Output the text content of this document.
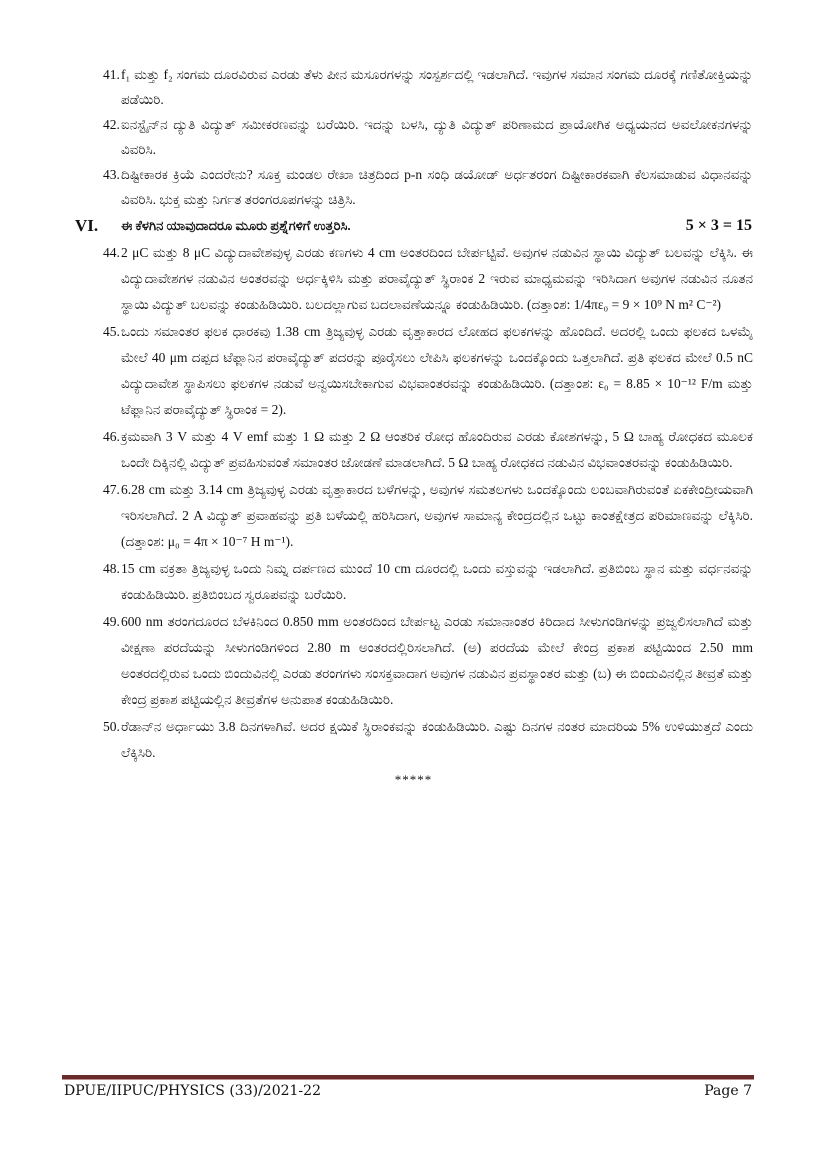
41. f₁ ಮತ್ತು f₂ ಸಂಗಮ ದೂರವಿರುವ ಎರಡು ತೆಳು ಪೀನ ಮಸೂರಗಳನ್ನು ಸಂಸ್ಪರ್ಶದಲ್ಲಿ ಇಡಲಾಗಿದೆ. ಇವುಗಳ ಸಮಾನ ಸಂಗಮ ದೂರಕ್ಕೆ ಗಣಿತೋಕ್ತಿಯನ್ನು ಪಡೆಯಿರಿ.
42. ಐನಸ್ಟೈನ್‌ನ ದ್ಯುತಿ ವಿದ್ಯುತ್ ಸಮೀಕರಣವನ್ನು ಬರೆಯಿರಿ. ಇದನ್ನು ಬಳಸಿ, ದ್ಯುತಿ ವಿದ್ಯುತ್ ಪರಿಣಾಮದ ಪ್ರಾಯೋಗಿಕ ಅಧ್ಯಯನದ ಅವಲೋಕನಗಳನ್ನು ವಿವರಿಸಿ.
43. ದಿಷ್ಟೀಕಾರಕ ಕ್ರಿಯೆ ಎಂದರೇನು? ಸೂಕ್ತ ಮಂಡಲ ರೇಖಾ ಚಿತ್ರದಿಂದ p-n ಸಂಧಿ ಡಯೋಡ್ ಅರ್ಧತರಂಗ ದಿಷ್ಟೀಕಾರಕವಾಗಿ ಕೆಲಸಮಾಡುವ ವಿಧಾನವನ್ನು ವಿವರಿಸಿ. ಭುಕ್ತ ಮತ್ತು ನಿರ್ಗತ ತರಂಗರೂಪಗಳನ್ನು ಚಿತ್ರಿಸಿ.
VI. ಈ ಕೆಳಗಿನ ಯಾವುದಾದರೂ ಮೂರು ಪ್ರಶ್ನೆಗಳಿಗೆ ಉತ್ತರಿಸಿ.	5 × 3 = 15
44. 2 μC ಮತ್ತು 8 μC ವಿದ್ಯುದಾವೇಶವುಳ್ಳ ಎರಡು ಕಣಗಳು 4 cm ಅಂತರದಿಂದ ಬೇರ್ಪಟ್ಟಿವೆ. ಅವುಗಳ ನಡುವಿನ ಸ್ಥಾಯಿ ವಿದ್ಯುತ್ ಬಲವನ್ನು ಲೆಕ್ಕಿಸಿ. ಈ ವಿದ್ಯುದಾವೇಶಗಳ ನಡುವಿನ ಅಂತರವನ್ನು ಅರ್ಧಕ್ಕಿಳಿಸಿ ಮತ್ತು ಪರಾವೈದ್ಯುತ್ ಸ್ಥಿರಾಂಕ 2 ಇರುವ ಮಾಧ್ಯಮವನ್ನು ಇರಿಸಿದಾಗ ಅವುಗಳ ನಡುವಿನ ನೂತನ ಸ್ಥಾಯಿ ವಿದ್ಯುತ್ ಬಲವನ್ನು ಕಂಡುಹಿಡಿಯಿರಿ. ಬಲದಲ್ಲಾಗುವ ಬದಲಾವಣೆಯನ್ನೂ ಕಂಡುಹಿಡಿಯಿರಿ. (ದತ್ತಾಂಶ: 1/4πε₀ = 9 × 10⁹ N m² C⁻²)
45. ಒಂದು ಸಮಾಂತರ ಫಲಕ ಧಾರಕವು 1.38 cm ತ್ರಿಜ್ಯವುಳ್ಳ ಎರಡು ವೃತ್ತಾಕಾರದ ಲೋಹದ ಫಲಕಗಳನ್ನು ಹೊಂದಿದೆ. ಅದರಲ್ಲಿ ಒಂದು ಫಲಕದ ಒಳಮೈ ಮೇಲೆ 40 μm ದಪ್ಪದ ಟೆಫ್ಲಾನಿನ ಪರಾವೈದ್ಯುತ್ ಪದರನ್ನು ಪೂರೈಸಲು ಲೇಪಿಸಿ ಫಲಕಗಳನ್ನು ಒಂದಕ್ಕೊಂದು ಒತ್ತಲಾಗಿದೆ. ಪ್ರತಿ ಫಲಕದ ಮೇಲೆ 0.5 nC ವಿದ್ಯುದಾವೇಶ ಸ್ಥಾಪಿಸಲು ಫಲಕಗಳ ನಡುವೆ ಅನ್ವಯಿಸಬೇಕಾಗುವ ವಿಭವಾಂತರವನ್ನು ಕಂಡುಹಿಡಿಯಿರಿ. (ದತ್ತಾಂಶ: ε₀ = 8.85 × 10⁻¹² F/m ಮತ್ತು ಟೆಫ್ಲಾನಿನ ಪರಾವೈದ್ಯುತ್ ಸ್ಥಿರಾಂಕ = 2).
46. ಕ್ರಮವಾಗಿ 3 V ಮತ್ತು 4 V emf ಮತ್ತು 1 Ω ಮತ್ತು 2 Ω ಆಂತರಿಕ ರೋಧ ಹೊಂದಿರುವ ಎರಡು ಕೋಶಗಳನ್ನು, 5 Ω ಬಾಹ್ಯ ರೋಧಕದ ಮೂಲಕ ಒಂದೇ ದಿಕ್ಕಿನಲ್ಲಿ ವಿದ್ಯುತ್ ಪ್ರವಹಿಸುವಂತೆ ಸಮಾಂತರ ಜೋಡಣೆ ಮಾಡಲಾಗಿದೆ. 5 Ω ಬಾಹ್ಯ ರೋಧಕದ ನಡುವಿನ ವಿಭವಾಂತರವನ್ನು ಕಂಡುಹಿಡಿಯಿರಿ.
47. 6.28 cm ಮತ್ತು 3.14 cm ತ್ರಿಜ್ಯವುಳ್ಳ ಎರಡು ವೃತ್ತಾಕಾರದ ಬಳೆಗಳನ್ನು, ಅವುಗಳ ಸಮತಲಗಳು ಒಂದಕ್ಕೊಂದು ಲಂಬವಾಗಿರುವಂತೆ ಏಕಕೇಂದ್ರೀಯವಾಗಿ ಇರಿಸಲಾಗಿದೆ. 2 A ವಿದ್ಯುತ್ ಪ್ರವಾಹವನ್ನು ಪ್ರತಿ ಬಳೆಯಲ್ಲಿ ಹರಿಸಿದಾಗ, ಅವುಗಳ ಸಾಮಾನ್ಯ ಕೇಂದ್ರದಲ್ಲಿನ ಒಟ್ಟು ಕಾಂತಕ್ಷೇತ್ರದ ಪರಿಮಾಣವನ್ನು ಲೆಕ್ಕಿಸಿರಿ. (ದತ್ತಾಂಶ: μ₀ = 4π × 10⁻⁷ H m⁻¹).
48. 15 cm ವಕ್ರತಾ ತ್ರಿಜ್ಯವುಳ್ಳ ಒಂದು ನಿಮ್ನ ದರ್ಪಣದ ಮುಂದೆ 10 cm ದೂರದಲ್ಲಿ ಒಂದು ವಸ್ತುವನ್ನು ಇಡಲಾಗಿದೆ. ಪ್ರತಿಬಿಂಬ ಸ್ಥಾನ ಮತ್ತು ವರ್ಧನವನ್ನು ಕಂಡುಹಿಡಿಯಿರಿ. ಪ್ರತಿಬಿಂಬದ ಸ್ವರೂಪವನ್ನು ಬರೆಯಿರಿ.
49. 600 nm ತರಂಗದೂರದ ಬೆಳಕಿನಿಂದ 0.850 mm ಅಂತರದಿಂದ ಬೇರ್ಪಟ್ಟ ಎರಡು ಸಮಾನಾಂತರ ಕಿರಿದಾದ ಸೀಳುಗಂಡಿಗಳನ್ನು ಪ್ರಜ್ವಲಿಸಲಾಗಿದೆ ಮತ್ತು ವೀಕ್ಷಣಾ ಪರದೆಯನ್ನು ಸೀಳುಗಂಡಿಗಳಿಂದ 2.80 m ಅಂತರದಲ್ಲಿರಿಸಲಾಗಿದೆ. (ಅ) ಪರದೆಯ ಮೇಲೆ ಕೇಂದ್ರ ಪ್ರಕಾಶ ಪಟ್ಟಿಯಿಂದ 2.50 mm ಅಂತರದಲ್ಲಿರುವ ಒಂದು ಬಿಂದುವಿನಲ್ಲಿ ಎರಡು ತರಂಗಗಳು ಸಂಸಕ್ತವಾದಾಗ ಅವುಗಳ ನಡುವಿನ ಪ್ರವಸ್ಥಾಂತರ ಮತ್ತು (ಬ) ಈ ಬಿಂದುವಿನಲ್ಲಿನ ತೀವ್ರತೆ ಮತ್ತು ಕೇಂದ್ರ ಪ್ರಕಾಶ ಪಟ್ಟಿಯಲ್ಲಿನ ತೀವ್ರತೆಗಳ ಅನುಪಾತ ಕಂಡುಹಿಡಿಯಿರಿ.
50. ರೆಡಾನ್‌ನ ಅರ್ಧಾಯು 3.8 ದಿನಗಳಾಗಿವೆ. ಅದರ ಕ್ಷಯಿಕೆ ಸ್ಥಿರಾಂಕವನ್ನು ಕಂಡುಹಿಡಿಯಿರಿ. ಎಷ್ಟು ದಿನಗಳ ನಂತರ ಮಾದರಿಯ 5% ಉಳಿಯುತ್ತದೆ ಎಂದು ಲೆಕ್ಕಿಸಿರಿ.
*****
DPUE/IIPUC/PHYSICS (33)/2021-22	Page 7
